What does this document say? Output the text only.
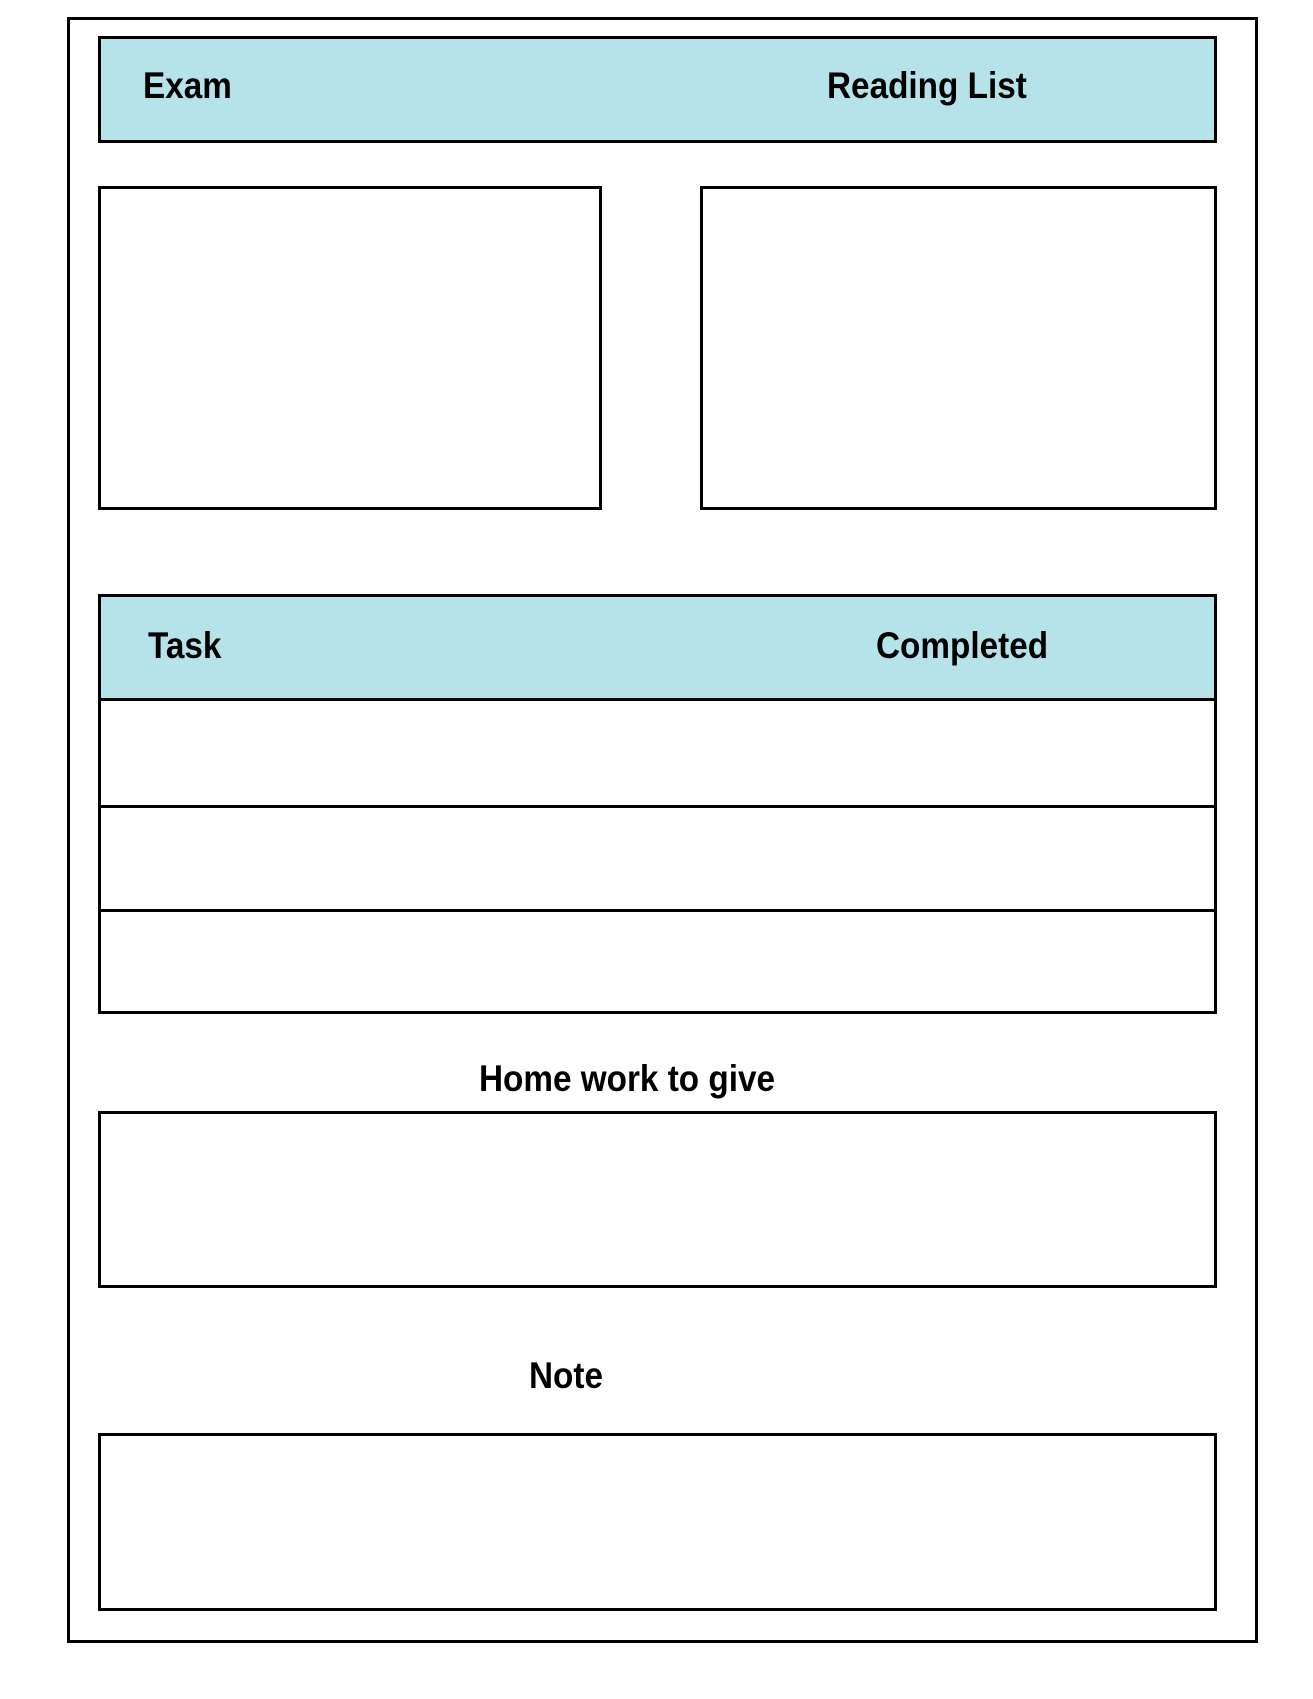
Exam	Reading List
Task	Completed
Home work to give
Note
